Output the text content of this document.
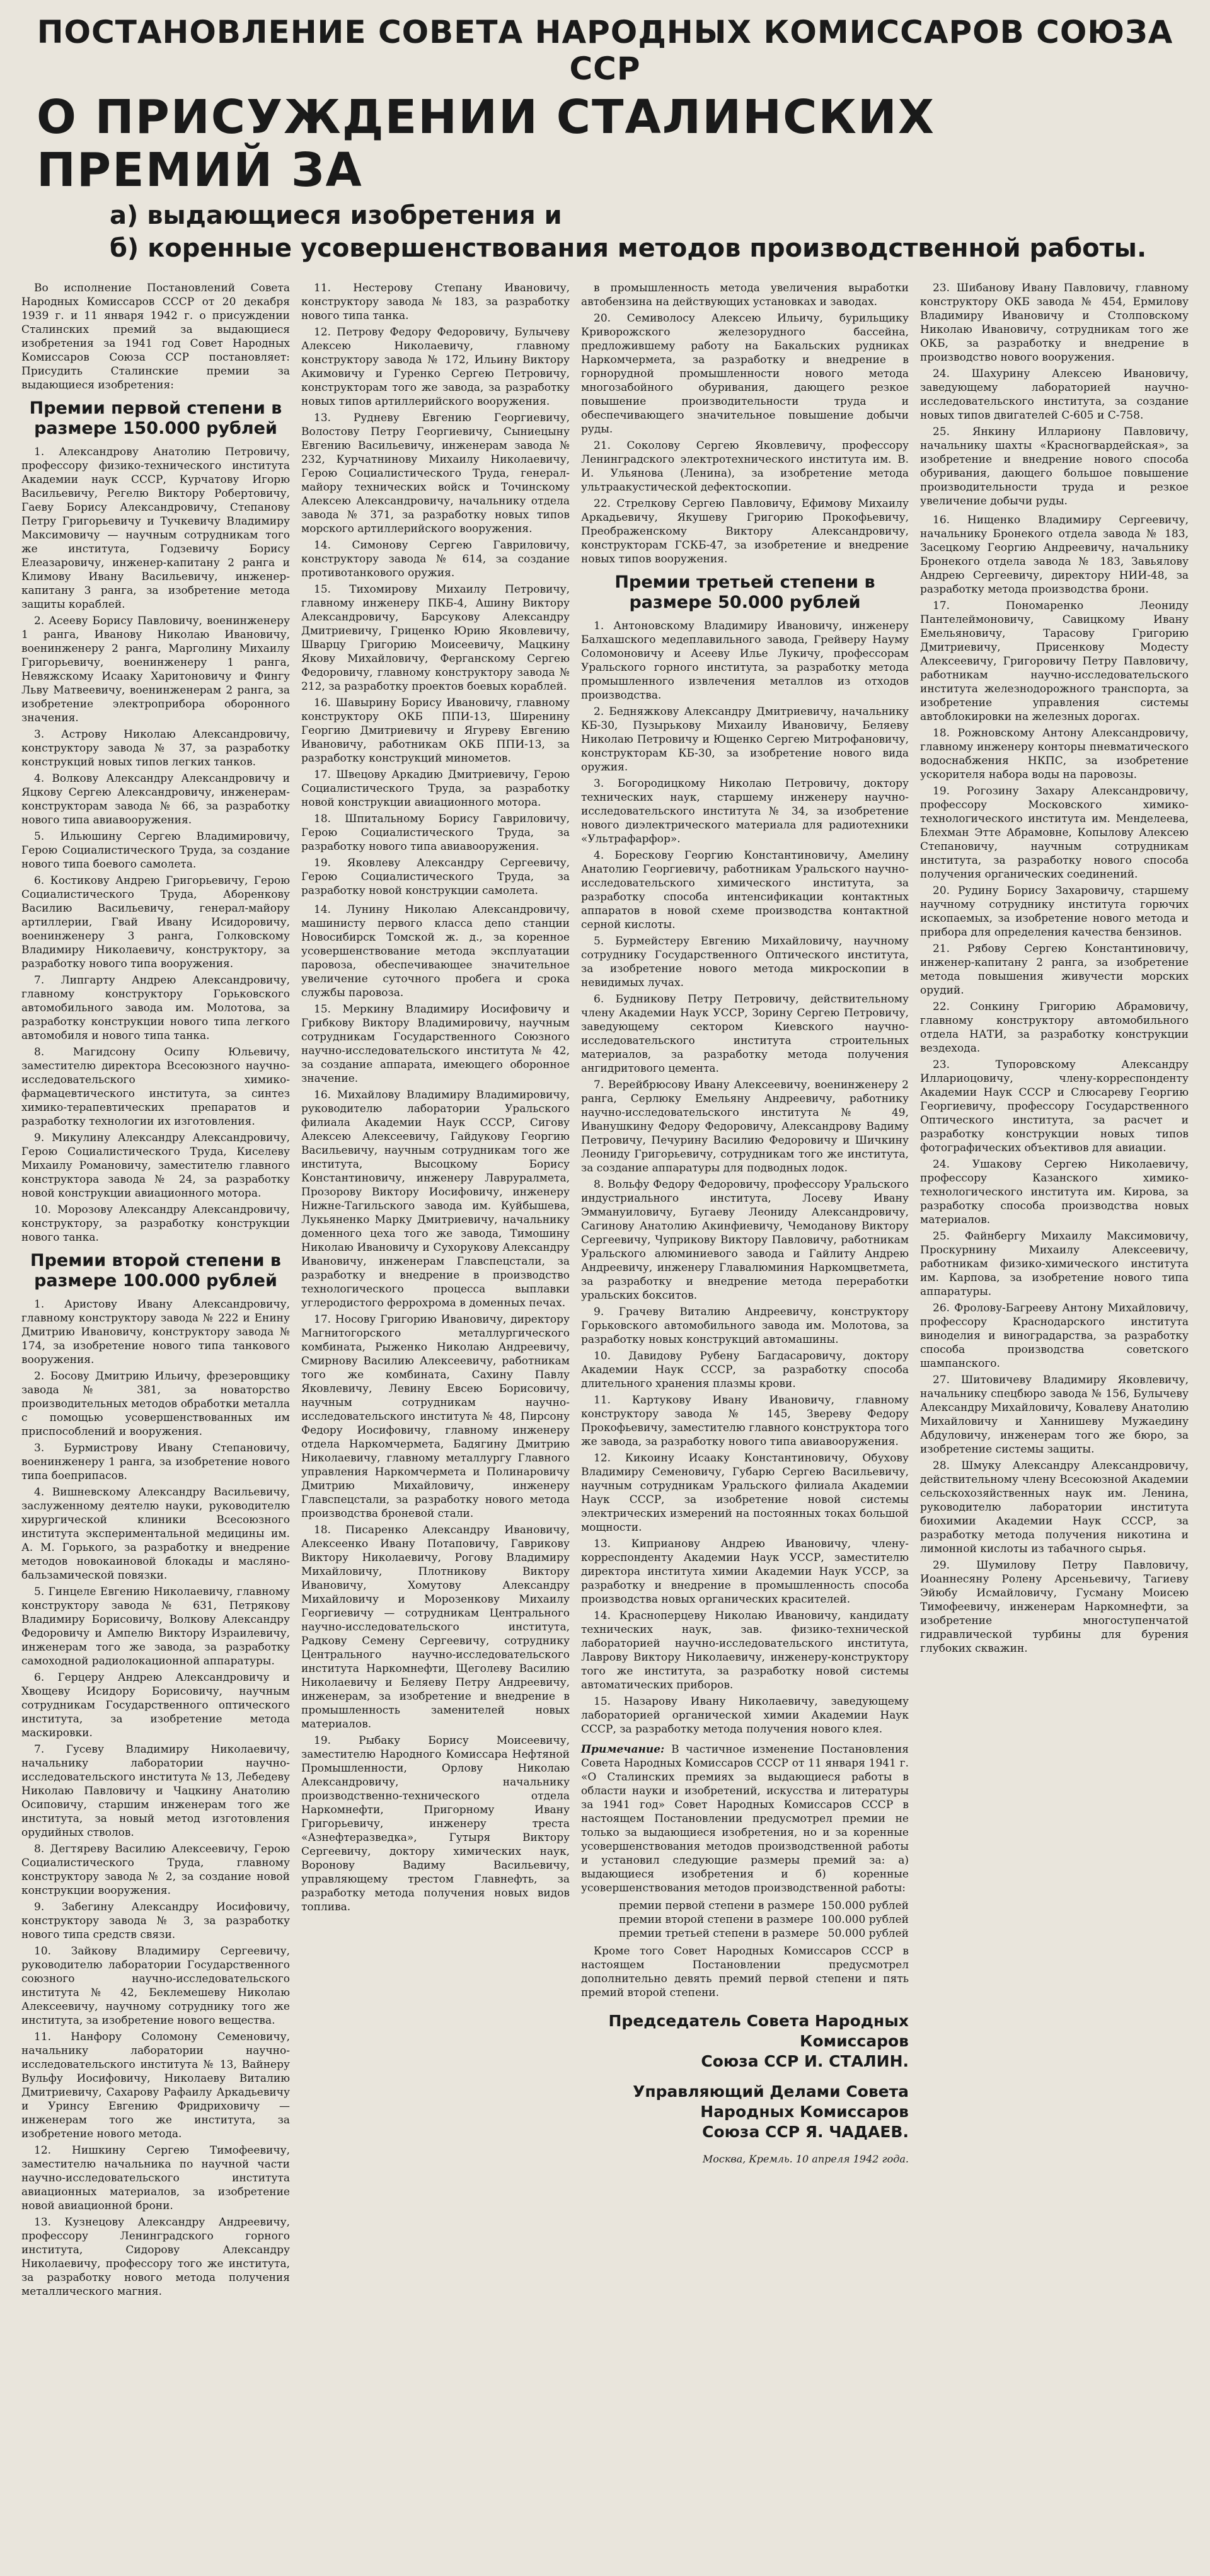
ПОСТАНОВЛЕНИЕ СОВЕТА НАРОДНЫХ КОМИССАРОВ СОЮЗА ССР
О ПРИСУЖДЕНИИ СТАЛИНСКИХ ПРЕМИЙ ЗА
а) выдающиеся изобретения и
б) коренные усовершенствования методов производственной работы.

Во исполнение Постановлений Совета Народных Комиссаров СССР от 20 декабря 1939 г. и 11 января 1942 г. о присуждении Сталинских премий за выдающиеся изобретения за 1941 год Совет Народных Комиссаров Союза ССР постановляет: Присудить Сталинские премии за выдающиеся изобретения:

Премии первой степени в размере 150.000 рублей

1. Александрову Анатолию Петровичу, профессору физико-технического института Академии наук СССР, Курчатову Игорю Васильевичу, Регелю Виктору Робертовичу, Гаеву Борису Александровичу, Степанову Петру Григорьевичу и Тучкевичу Владимиру Максимовичу — научным сотрудникам того же института, Годзевичу Борису Елеазаровичу, инженер-капитану 2 ранга и Климову Ивану Васильевичу, инженер-капитану 3 ранга, за изобретение метода защиты кораблей.

2. Асееву Борису Павловичу, военинженеру 1 ранга, Иванову Николаю Ивановичу, военинженеру 2 ранга, Марголину Михаилу Григорьевичу, военинженеру 1 ранга, Невяжскому Исааку Харитоновичу и Фингу Льву Матвеевичу, военинженерам 2 ранга, за изобретение электроприбора оборонного значения.

3. Астрову Николаю Александровичу, конструктору завода № 37, за разработку конструкций новых типов легких танков.

4. Волкову Александру Александровичу и Яцкову Сергею Александровичу, инженерам-конструкторам завода № 66, за разработку нового типа авиавооружения.

5. Ильюшину Сергею Владимировичу, Герою Социалистического Труда, за создание нового типа боевого самолета.

6. Костикову Андрею Григорьевичу, Герою Социалистического Труда, Абоpенкову Василию Васильевичу, генерал-майору артиллерии, Гвай Ивану Исидоровичу, военинженеру 3 ранга, Голковскому Владимиру Николаевичу, конструктору, за разработку нового типа вооружения.

7. Липгарту Андрею Александровичу, главному конструктору Горьковского автомобильного завода им. Молотова, за разработку конструкции нового типа легкого автомобиля и нового типа танка.

8. Магидсону Осипу Юльевичу, заместителю директора Всесоюзного научно-исследовательского химико-фармацевтического института, за синтез химико-терапевтических препаратов и разработку технологии их изготовления.

9. Микулину Александру Александровичу, Герою Социалистического Труда, Киселеву Михаилу Романовичу, заместителю главного конструктора завода № 24, за разработку новой конструкции авиационного мотора.

10. Морозову Александру Александровичу, конструктору, за разработку конструкции нового танка.

Премии второй степени в размере 100.000 рублей

1. Аристову Ивану Александровичу, главному конструктору завода № 222 и Енину Дмитрию Ивановичу, конструктору завода № 174, за изобретение нового типа танкового вооружения.

2. Босову Дмитрию Ильичу, фрезеровщику завода № 381, за новаторство производительных методов обработки металла с помощью усовершенствованных им приспособлений и вооружения.

3. Бурмистрову Ивану Степановичу, военинженеру 1 ранга, за изобретение нового типа боеприпасов.

4. Вишневскому Александру Васильевичу, заслуженному деятелю науки, руководителю хирургической клиники Всесоюзного института экспериментальной медицины им. А. М. Горького, за разработку и внедрение методов новокаиновой блокады и масляно-бальзамической повязки.

5. Гинцеле Евгению Николаевичу, главному конструктору завода № 631, Петрякову Владимиру Борисовичу, Волкову Александру Федоровичу и Ампелю Виктору Израилевичу, инженерам того же завода, за разработку самоходной радиолокационной аппаратуры.

6. Герцеру Андрею Александровичу и Хвощеву Исидору Борисовичу, научным сотрудникам Государственного оптического института, за изобретение метода маскировки.

7. Гусеву Владимиру Николаевичу, начальнику лаборатории научно-исследовательского института № 13, Лебедеву Николаю Павловичу и Чацкину Анатолию Осиповичу, старшим инженерам того же института, за новый метод изготовления орудийных стволов.

8. Дегтяреву Василию Алексеевичу, Герою Социалистического Труда, главному конструктору завода № 2, за создание новой конструкции вооружения.

9. Забегину Александру Иосифовичу, конструктору завода № 3, за разработку нового типа средств связи.

10. Зайкову Владимиру Сергеевичу, руководителю лаборатории Государственного союзного научно-исследовательского института № 42, Беклемешеву Николаю Алексеевичу, научному сотруднику того же института, за изобретение нового вещества.

11. Нанфору Соломону Семеновичу, начальнику лаборатории научно-исследовательского института № 13, Вайнеру Вульфу Иосифовичу, Николаеву Виталию Дмитриевичу, Сахарову Рафаилу Аркадьевичу и Уринсу Евгению Фридриховичу — инженерам того же института, за изобретение нового метода.

12. Нишкину Сергею Тимофеевичу, заместителю начальника по научной части научно-исследовательского института авиационных материалов, за изобретение новой авиационной брони.

13. Кузнецову Александру Андреевичу, профессору Ленинградского горного института, Сидорову Александру Николаевичу, профессору того же института, за разработку нового метода получения металлического магния.

11. Нестерову Степану Ивановичу, конструктору завода № 183, за разработку нового типа танка.

12. Петрову Федору Федоровичу, Булычеву Алексею Николаевичу, главному конструктору завода № 172, Ильину Виктору Акимовичу и Гуренко Сергею Петровичу, конструкторам того же завода, за разработку новых типов артиллерийского вооружения.

13. Рудневу Евгению Георгиевичу, Волостову Петру Георгиевичу, Сыниецыну Евгению Васильевичу, инженерам завода № 232, Курчатнинову Михаилу Николаевичу, Герою Социалистического Труда, генерал-майору технических войск и Точинскому Алексею Александровичу, начальнику отдела завода № 371, за разработку новых типов морского артиллерийского вооружения.

14. Симонову Сергею Гавриловичу, конструктору завода № 614, за создание противотанкового оружия.

15. Тихомирову Михаилу Петровичу, главному инженеру ПКБ-4, Ашину Виктору Александровичу, Барсукову Александру Дмитриевичу, Гриценко Юрию Яковлевичу, Шварцу Григорию Моисеевичу, Мацкину Якову Михайловичу, Ферганскому Сергею Федоровичу, главному конструктору завода № 212, за разработку проектов боевых кораблей.

16. Шавырину Борису Ивановичу, главному конструктору ОКБ ППИ-13, Ширенину Георгию Дмитриевичу и Ягуреву Евгению Ивановичу, работникам ОКБ ППИ-13, за разработку конструкций минометов.

17. Швецову Аркадию Дмитриевичу, Герою Социалистического Труда, за разработку новой конструкции авиационного мотора.

18. Шпитальному Борису Гавриловичу, Герою Социалистического Труда, за разработку нового типа авиавооружения.

19. Яковлеву Александру Сергеевичу, Герою Социалистического Труда, за разработку новой конструкции самолета.

14. Лунину Николаю Александровичу, машинисту первого класса депо станции Новосибирск Томской ж. д., за коренное усовершенствование метода эксплуатации паровоза, обеспечивающее значительное увеличение суточного пробега и срока службы паровоза.

15. Меркину Владимиру Иосифовичу и Грибкову Виктору Владимировичу, научным сотрудникам Государственного Союзного научно-исследовательского института № 42, за создание аппарата, имеющего оборонное значение.

16. Михайлову Владимиру Владимировичу, руководителю лаборатории Уральского филиала Академии Наук СССР, Сигову Алексею Алексеевичу, Гайдукову Георгию Васильевичу, научным сотрудникам того же института, Высоцкому Борису Константиновичу, инженеру Лавруралмета, Прозорову Виктору Иосифовичу, инженеру Нижне-Тагильского завода им. Куйбышева, Лукьяненко Марку Дмитриевичу, начальнику доменного цеха того же завода, Тимошину Николаю Ивановичу и Сухорукову Александру Ивановичу, инженерам Главспецстали, за разработку и внедрение в производство технологического процесса выплавки углеродистого феррохрома в доменных печах.

17. Носову Григорию Ивановичу, директору Магнитогорского металлургического комбината, Рыженко Николаю Андреевичу, Смирнову Василию Алексеевичу, работникам того же комбината, Сахину Павлу Яковлевичу, Левину Евсею Борисовичу, научным сотрудникам научно-исследовательского института № 48, Пирсону Федору Иосифовичу, главному инженеру отдела Наркомчермета, Бадягину Дмитрию Николаевичу, главному металлургу Главного управления Наркомчермета и Полинаровичу Дмитрию Михайловичу, инженеру Главспецстали, за разработку нового метода производства броневой стали.

18. Писаренко Александру Ивановичу, Алексеенко Ивану Потаповичу, Гаврикову Виктору Николаевичу, Рогову Владимиру Михайловичу, Плотникову Виктору Ивановичу, Хомутову Александру Михайловичу и Морозенкову Михаилу Георгиевичу — сотрудникам Центрального научно-исследовательского института, Радкову Семену Сергеевичу, сотруднику Центрального научно-исследовательского института Наркомнефти, Щеголеву Василию Николаевичу и Беляеву Петру Андреевичу, инженерам, за изобретение и внедрение в промышленность заменителей новых материалов.

19. Рыбаку Борису Моисеевичу, заместителю Народного Комиссара Нефтяной Промышленности, Орлову Николаю Александровичу, начальнику производственно-технического отдела Наркомнефти, Пригорному Ивану Григорьевичу, инженеру треста «Азнефтеразведка», Гутыря Виктору Сергеевичу, доктору химических наук, Воронову Вадиму Васильевичу, управляющему трестом Главнефть, за разработку метода получения новых видов топлива.

в промышленность метода увеличения выработки автобензина на действующих установках и заводах.

20. Семиволосу Алексею Ильичу, бурильщику Криворожского железорудного бассейна, предложившему работу на Бакальских рудниках Наркомчермета, за разработку и внедрение в горнорудной промышленности нового метода многозабойного обуривания, дающего резкое повышение производительности труда и обеспечивающего значительное повышение добычи руды.

21. Соколову Сергею Яковлевичу, профессору Ленинградского электротехнического института им. В. И. Ульянова (Ленина), за изобретение метода ультраакустической дефектоскопии.

22. Стрелкову Сергею Павловичу, Ефимову Михаилу Аркадьевичу, Якушеву Григорию Прокофьевичу, Преображенскому Виктору Александровичу, конструкторам ГСКБ-47, за изобретение и внедрение новых типов вооружения.

Премии третьей степени в размере 50.000 рублей

1. Антоновскому Владимиру Ивановичу, инженеру Балхашского медеплавильного завода, Грейверу Наумy Соломоновичу и Асееву Илье Лукичу, профессорам Уральского горного института, за разработку метода промышленного извлечения металлов из отходов производства.

2. Бедняжкову Александру Дмитриевичу, начальнику КБ-30, Пузырькову Михаилу Ивановичу, Беляеву Николаю Петровичу и Ющенко Сергею Митрофановичу, конструкторам КБ-30, за изобретение нового вида оружия.

3. Богородицкому Николаю Петровичу, доктору технических наук, старшему инженеру научно-исследовательского института № 34, за изобретение нового диэлектрического материала для радиотехники «Ультрафарфор».

4. Борескову Георгию Константиновичу, Амелину Анатолию Георгиевичу, работникам Уральского научно-исследовательского химического института, за разработку способа интенсификации контактных аппаратов в новой схеме производства контактной серной кислоты.

5. Бурмейстеру Евгению Михайловичу, научному сотруднику Государственного Оптического института, за изобретение нового метода микроскопии в невидимых лучах.

6. Будникову Петру Петровичу, действительному члену Академии Наук УССР, Зорину Сергею Петровичу, заведующему сектором Киевского научно-исследовательского института строительных материалов, за разработку метода получения ангидритового цемента.

7. Верейбрюсову Ивану Алексеевичу, военинженеру 2 ранга, Серлюку Емельяну Андреевичу, работнику научно-исследовательского института № 49, Иванушкину Федору Федоровичу, Александрову Вадиму Петровичу, Печурину Василию Федоровичу и Шичкину Леониду Григорьевичу, сотрудникам того же института, за создание аппаратуры для подводных лодок.

8. Вольфу Федору Федоровичу, профессору Уральского индустриального института, Лосеву Ивану Эммануиловичу, Бугаеву Леониду Александровичу, Сагинову Анатолию Акинфиевичу, Чемоданову Виктору Сергеевичу, Чуприкову Виктору Павловичу, работникам Уральского алюминиевого завода и Гайлиту Андрею Андреевичу, инженеру Главалюминия Наркомцветмета, за разработку и внедрение метода переработки уральских бокситов.

9. Грачеву Виталию Андреевичу, конструктору Горьковского автомобильного завода им. Молотова, за разработку новых конструкций автомашины.

10. Давидову Рубену Багдасаровичу, доктору Академии Наук СССР, за разработку способа длительного хранения плазмы крови.

11. Картукову Ивану Ивановичу, главному конструктору завода № 145, Звереву Федору Прокофьевичу, заместителю главного конструктора того же завода, за разработку нового типа авиавооружения.

12. Кикоину Исааку Константиновичу, Обухову Владимиру Семеновичу, Губарю Сергею Васильевичу, научным сотрудникам Уральского филиала Академии Наук СССР, за изобретение новой системы электрических измерений на постоянных токах большой мощности.

13. Киприанову Андрею Ивановичу, члену-корреспонденту Академии Наук УССР, заместителю директора института химии Академии Наук УССР, за разработку и внедрение в промышленность способа производства новых органических красителей.

14. Красноперцеву Николаю Ивановичу, кандидату технических наук, зав. физико-технической лабораторией научно-исследовательского института, Лаврову Виктору Николаевичу, инженеру-конструктору того же института, за разработку новой системы автоматических приборов.

15. Назарову Ивану Николаевичу, заведующему лабораторией органической химии Академии Наук СССР, за разработку метода получения нового клея.

Примечание: В частичное изменение Постановления Совета Народных Комиссаров СССР от 11 января 1941 г. «О Сталинских премиях за выдающиеся работы в области науки и изобретений, искусства и литературы за 1941 год» Совет Народных Комиссаров СССР в настоящем Постановлении предусмотрел премии не только за выдающиеся изобретения, но и за коренные усовершенствования методов производственной работы и установил следующие размеры премий за: а) выдающиеся изобретения и б) коренные усовершенствования методов производственной работы:
премии первой степени в размере 150.000 рублей
премии второй степени в размере 100.000 рублей
премии третьей степени в размере 50.000 рублей

Кроме того Совет Народных Комиссаров СССР в настоящем Постановлении предусмотрел дополнительно девять премий первой степени и пять премий второй степени.

Председатель Совета Народных Комиссаров
Союза ССР И. СТАЛИН.
Управляющий Делами Совета Народных Комиссаров
Союза ССР Я. ЧАДАЕВ.
Москва, Кремль. 10 апреля 1942 года.

23. Шибанову Ивану Павловичу, главному конструктору ОКБ завода № 454, Ермилову Владимиру Ивановичу и Столповскому Николаю Ивановичу, сотрудникам того же ОКБ, за разработку и внедрение в производство нового вооружения.

24. Шахурину Алексею Ивановичу, заведующему лабораторией научно-исследовательского института, за создание новых типов двигателей С-605 и С-758.

25. Янкину Иллариону Павловичу, начальнику шахты «Красногвардейская», за изобретение и внедрение нового способа обуривания, дающего большое повышение производительности труда и резкое увеличение добычи руды.

16. Нищенко Владимиру Сергеевичу, начальнику Бронекого отдела завода № 183, Засецкому Георгию Андреевичу, начальнику Бронекого отдела завода № 183, Завьялову Андрею Сергеевичу, директору НИИ-48, за разработку метода производства брони.

17. Пономаренко Леониду Пантелеймоновичу, Савицкому Ивану Емельяновичу, Тарасову Григорию Дмитриевичу, Присенкову Модесту Алексеевичу, Григоровичу Петру Павловичу, работникам научно-исследовательского института железнодорожного транспорта, за изобретение управления системы автоблокировки на железных дорогах.

18. Рожновскому Антону Александровичу, главному инженеру конторы пневматического водоснабжения НКПС, за изобретение ускорителя набора воды на паровозы.

19. Рогозину Захару Александровичу, профессору Московского химико-технологического института им. Менделеева, Блехман Этте Абрамовне, Копылову Алексею Степановичу, научным сотрудникам института, за разработку нового способа получения органических соединений.

20. Рудину Борису Захаровичу, старшему научному сотруднику института горючих ископаемых, за изобретение нового метода и прибора для определения качества бензинов.

21. Рябову Сергею Константиновичу, инженер-капитану 2 ранга, за изобретение метода повышения живучести морских орудий.

22. Сонкину Григорию Абрамовичу, главному конструктору автомобильного отдела НАТИ, за разработку конструкции вездехода.

23. Тупоровскому Александру Иллариоцовичу, члену-корреспонденту Академии Наук СССР и Слюсареву Георгию Георгиевичу, профессору Государственного Оптического института, за расчет и разработку конструкции новых типов фотографических объективов для авиации.

24. Ушакову Сергею Николаевичу, профессору Казанского химико-технологического института им. Кирова, за разработку способа производства новых материалов.

25. Файнбергу Михаилу Максимовичу, Проскурнину Михаилу Алексеевичу, работникам физико-химического института им. Карпова, за изобретение нового типа аппаратуры.

26. Фролову-Багрееву Антону Михайловичу, профессору Краснодарского института виноделия и виноградарства, за разработку способа производства советского шампанского.

27. Шитовичеву Владимиру Яковлевичу, начальнику спецбюро завода № 156, Булычеву Александру Михайловичу, Ковалеву Анатолию Михайловичу и Ханнишеву Мужаедину Абдуловичу, инженерам того же бюро, за изобретение системы защиты.

28. Шмуку Александру Александровичу, действительному члену Всесоюзной Академии сельскохозяйственных наук им. Ленина, руководителю лаборатории института биохимии Академии Наук СССР, за разработку метода получения никотина и лимонной кислоты из табачного сырья.

29. Шумилову Петру Павловичу, Иоаннесяну Ролену Арсеньевичу, Тагиеву Эйюбу Исмайловичу, Гусману Моисею Тимофеевичу, инженерам Наркомнефти, за изобретение многоступенчатой гидравлической турбины для бурения глубоких скважин.
